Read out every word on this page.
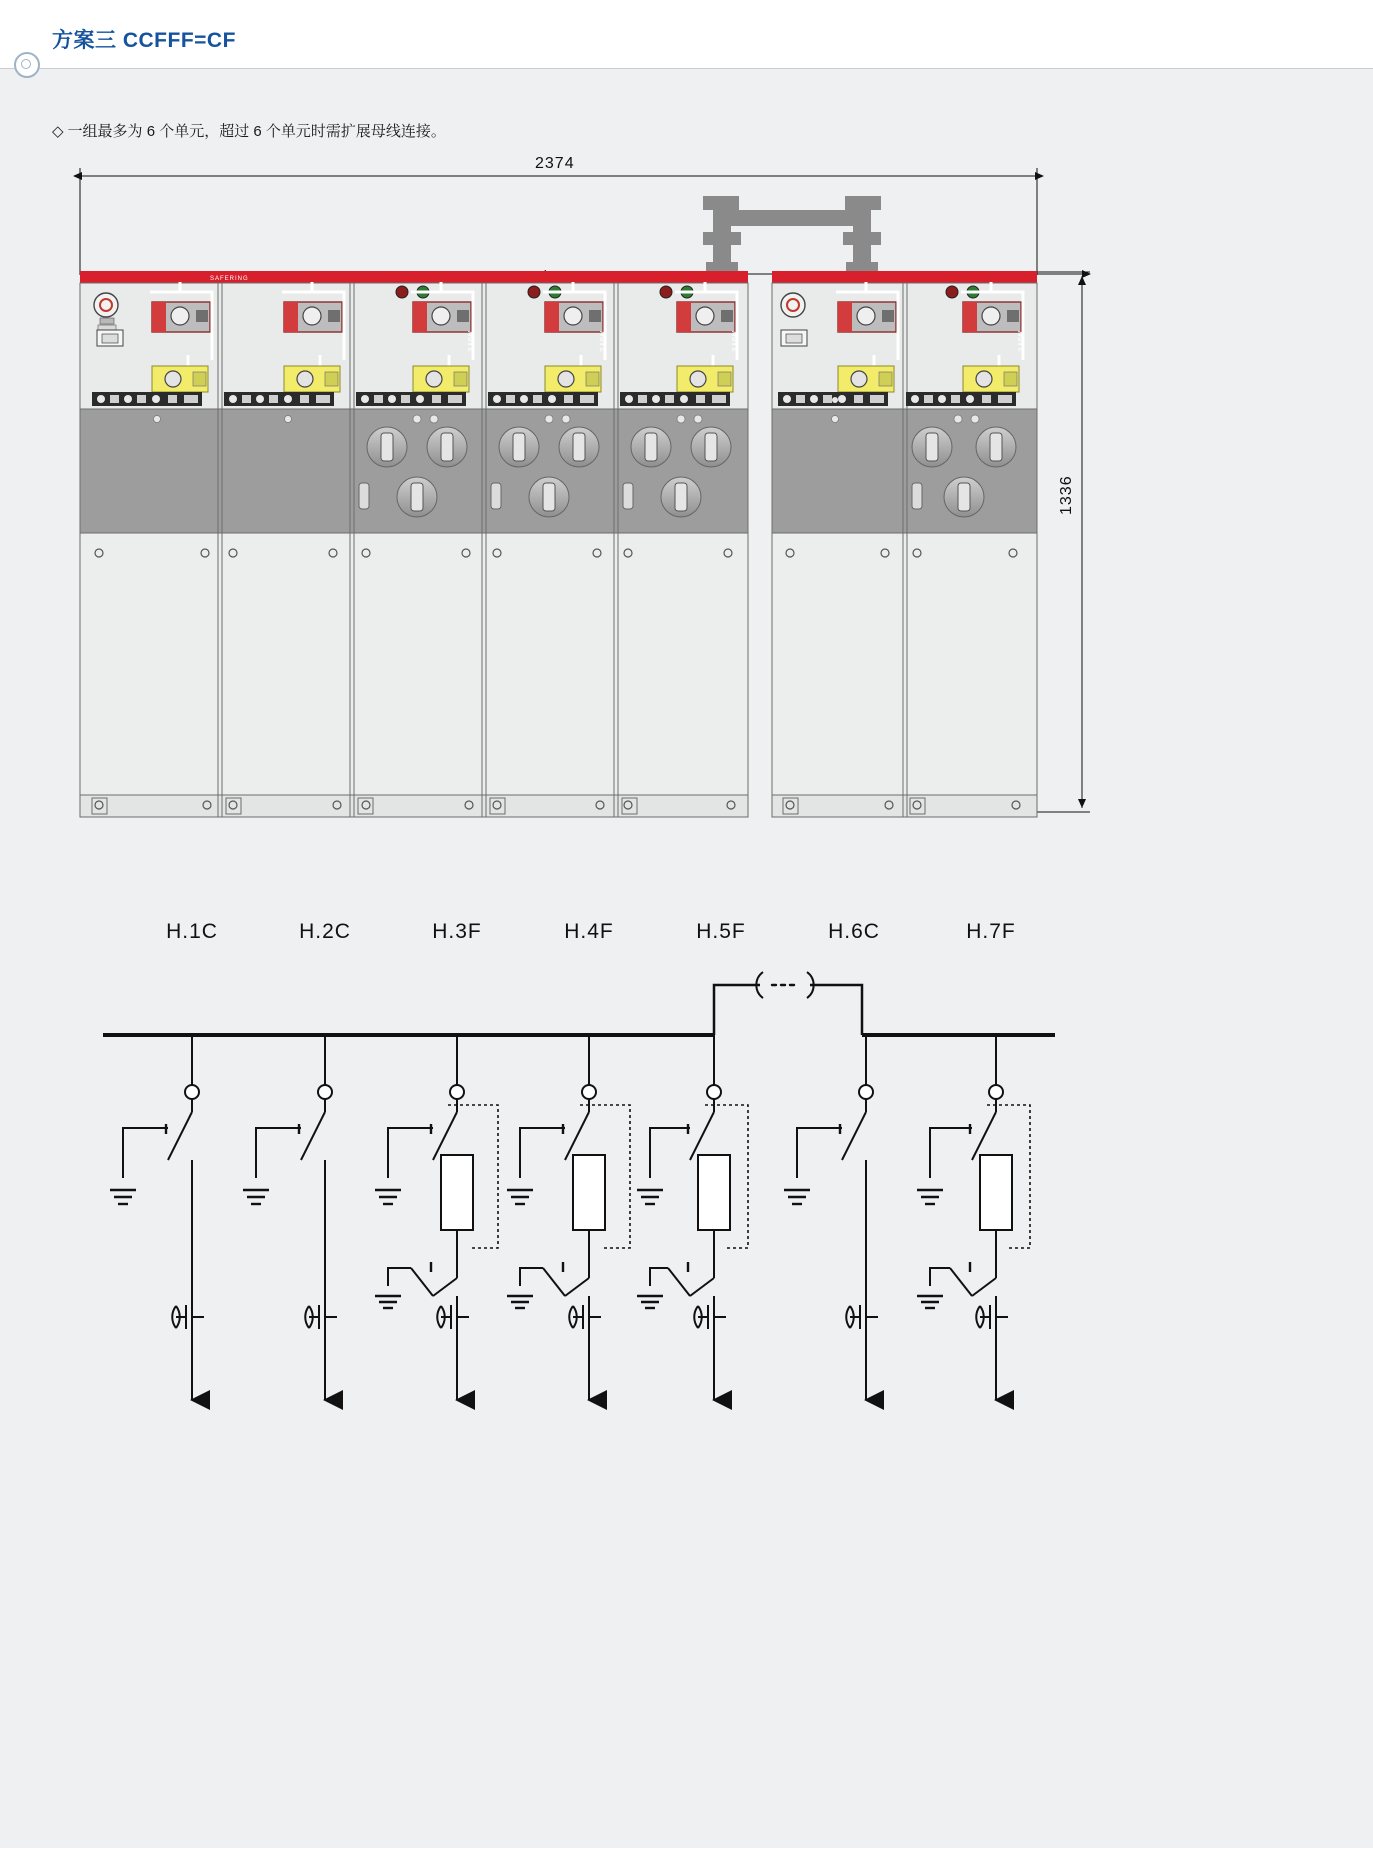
方案三 CCFFF=CF
◇ 一组最多为 6 个单元，超过 6 个单元时需扩展母线连接。
2374
1336
SAFERING
3 MW	3 MW	3 MW	3 MW
H.1C	H.2C	H.3F	H.4F	H.5F	H.6C	H.7F
